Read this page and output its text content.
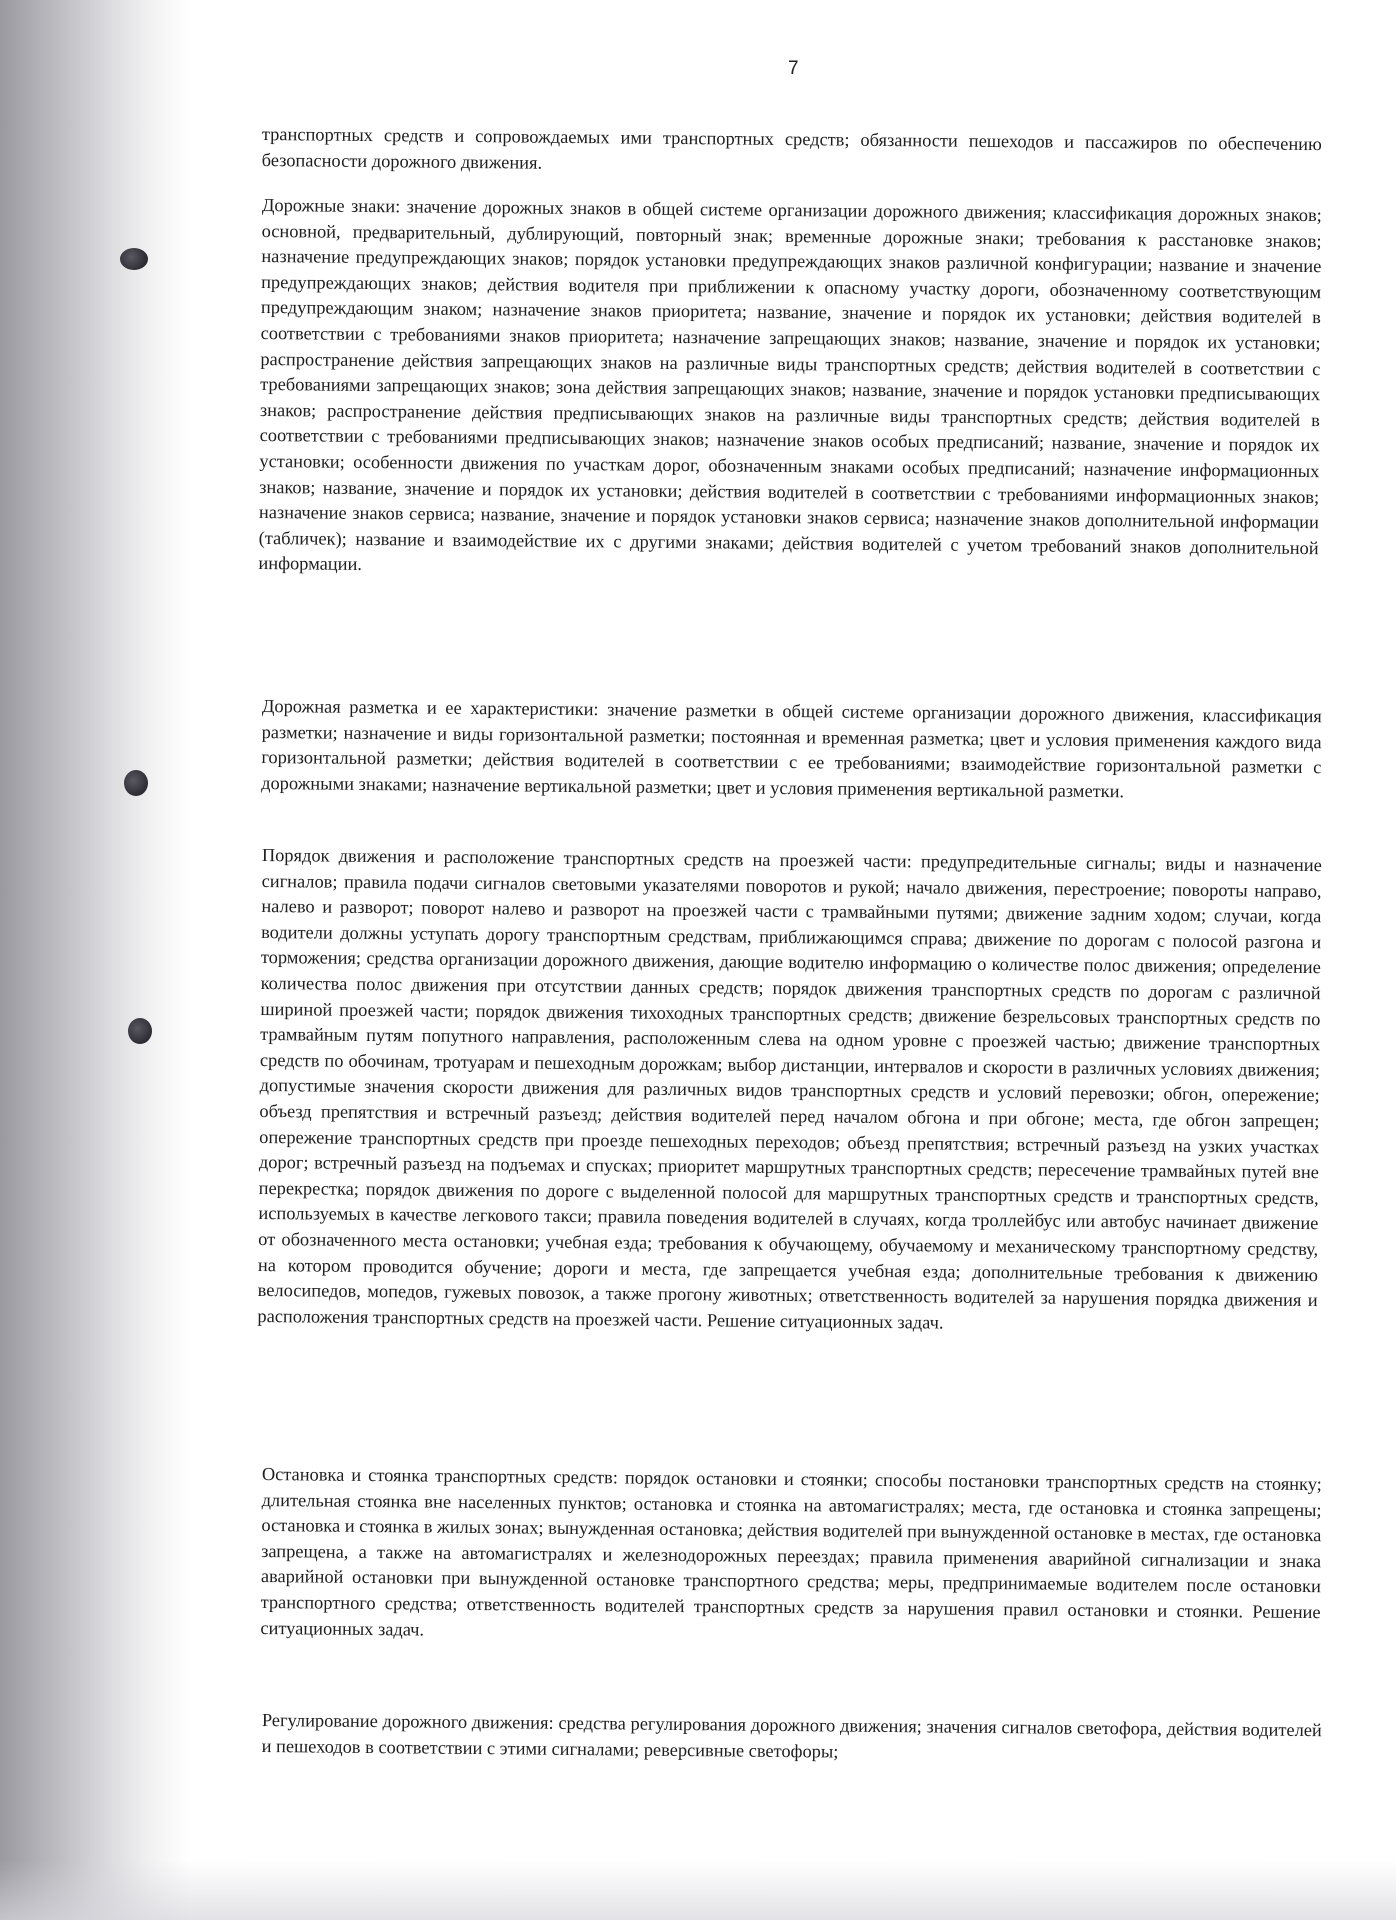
7

транспортных средств и сопровождаемых ими транспортных средств; обязанности пешеходов и пассажиров по обеспечению безопасности дорожного движения.

Дорожные знаки: значение дорожных знаков в общей системе организации дорожного движения; классификация дорожных знаков; основной, предварительный, дублирующий, повторный знак; временные дорожные знаки; требования к расстановке знаков; назначение предупреждающих знаков; порядок установки предупреждающих знаков различной конфигурации; название и значение предупреждающих знаков; действия водителя при приближении к опасному участку дороги, обозначенному соответствующим предупреждающим знаком; назначение знаков приоритета; название, значение и порядок их установки; действия водителей в соответствии с требованиями знаков приоритета; назначение запрещающих знаков; название, значение и порядок их установки; распространение действия запрещающих знаков на различные виды транспортных средств; действия водителей в соответствии с требованиями запрещающих знаков; зона действия запрещающих знаков; название, значение и порядок установки предписывающих знаков; распространение действия предписывающих знаков на различные виды транспортных средств; действия водителей в соответствии с требованиями предписывающих знаков; назначение знаков особых предписаний; название, значение и порядок их установки; особенности движения по участкам дорог, обозначенным знаками особых предписаний; назначение информационных знаков; название, значение и порядок их установки; действия водителей в соответствии с требованиями информационных знаков; назначение знаков сервиса; название, значение и порядок установки знаков сервиса; назначение знаков дополнительной информации (табличек); название и взаимодействие их с другими знаками; действия водителей с учетом требований знаков дополнительной информации.

Дорожная разметка и ее характеристики: значение разметки в общей системе организации дорожного движения, классификация разметки; назначение и виды горизонтальной разметки; постоянная и временная разметка; цвет и условия применения каждого вида горизонтальной разметки; действия водителей в соответствии с ее требованиями; взаимодействие горизонтальной разметки с дорожными знаками; назначение вертикальной разметки; цвет и условия применения вертикальной разметки.

Порядок движения и расположение транспортных средств на проезжей части: предупредительные сигналы; виды и назначение сигналов; правила подачи сигналов световыми указателями поворотов и рукой; начало движения, перестроение; повороты направо, налево и разворот; поворот налево и разворот на проезжей части с трамвайными путями; движение задним ходом; случаи, когда водители должны уступать дорогу транспортным средствам, приближающимся справа; движение по дорогам с полосой разгона и торможения; средства организации дорожного движения, дающие водителю информацию о количестве полос движения; определение количества полос движения при отсутствии данных средств; порядок движения транспортных средств по дорогам с различной шириной проезжей части; порядок движения тихоходных транспортных средств; движение безрельсовых транспортных средств по трамвайным путям попутного направления, расположенным слева на одном уровне с проезжей частью; движение транспортных средств по обочинам, тротуарам и пешеходным дорожкам; выбор дистанции, интервалов и скорости в различных условиях движения; допустимые значения скорости движения для различных видов транспортных средств и условий перевозки; обгон, опережение; объезд препятствия и встречный разъезд; действия водителей перед началом обгона и при обгоне; места, где обгон запрещен; опережение транспортных средств при проезде пешеходных переходов; объезд препятствия; встречный разъезд на узких участках дорог; встречный разъезд на подъемах и спусках; приоритет маршрутных транспортных средств; пересечение трамвайных путей вне перекрестка; порядок движения по дороге с выделенной полосой для маршрутных транспортных средств и транспортных средств, используемых в качестве легкового такси; правила поведения водителей в случаях, когда троллейбус или автобус начинает движение от обозначенного места остановки; учебная езда; требования к обучающему, обучаемому и механическому транспортному средству, на котором проводится обучение; дороги и места, где запрещается учебная езда; дополнительные требования к движению велосипедов, мопедов, гужевых повозок, а также прогону животных; ответственность водителей за нарушения порядка движения и расположения транспортных средств на проезжей части. Решение ситуационных задач.

Остановка и стоянка транспортных средств: порядок остановки и стоянки; способы постановки транспортных средств на стоянку; длительная стоянка вне населенных пунктов; остановка и стоянка на автомагистралях; места, где остановка и стоянка запрещены; остановка и стоянка в жилых зонах; вынужденная остановка; действия водителей при вынужденной остановке в местах, где остановка запрещена, а также на автомагистралях и железнодорожных переездах; правила применения аварийной сигнализации и знака аварийной остановки при вынужденной остановке транспортного средства; меры, предпринимаемые водителем после остановки транспортного средства; ответственность водителей транспортных средств за нарушения правил остановки и стоянки. Решение ситуационных задач.

Регулирование дорожного движения: средства регулирования дорожного движения; значения сигналов светофора, действия водителей и пешеходов в соответствии с этими сигналами; реверсивные светофоры;
